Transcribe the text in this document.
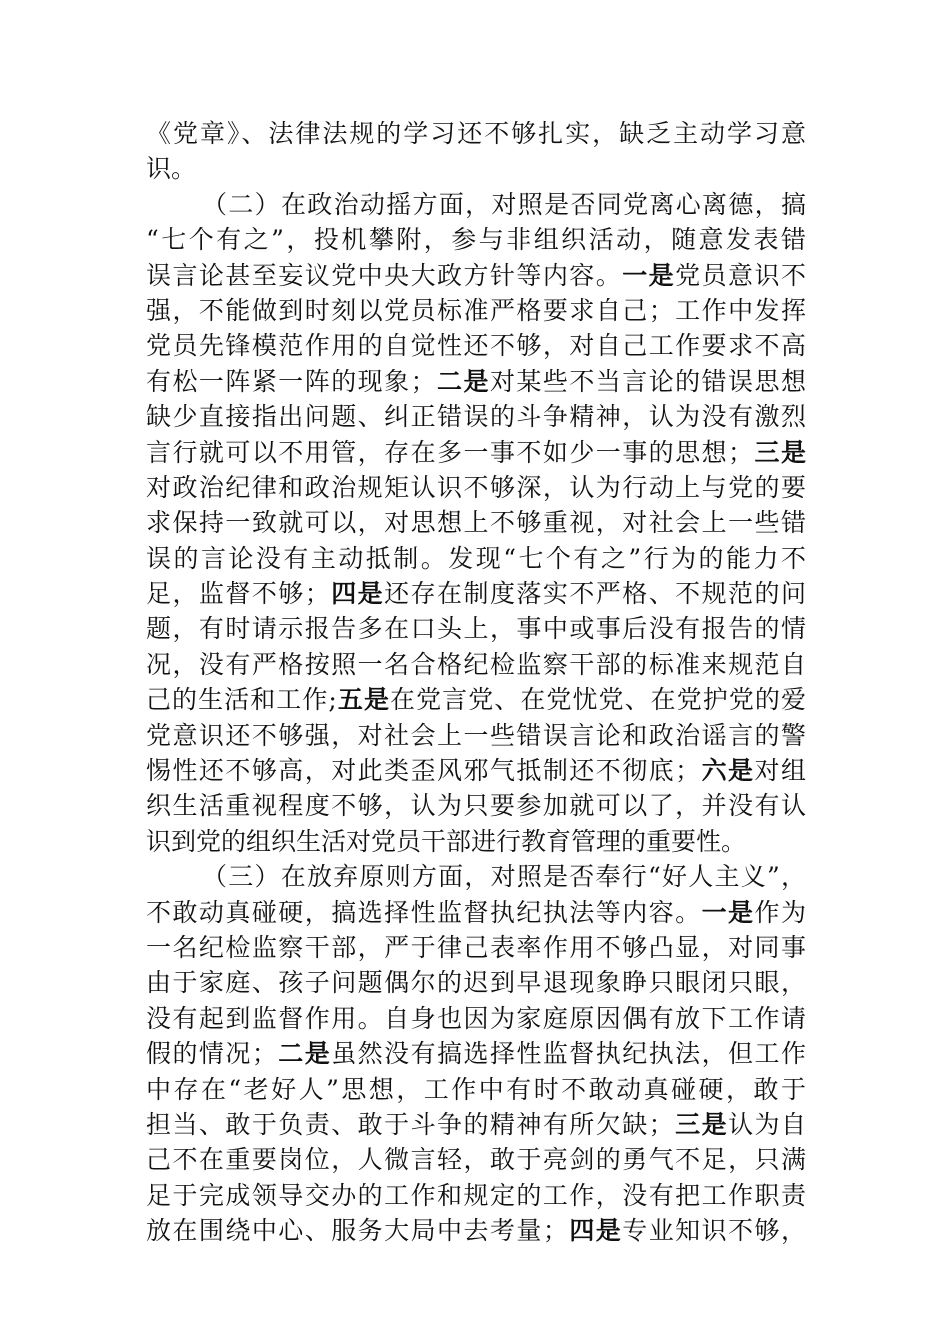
《党章》、法律法规的学习还不够扎实，缺乏主动学习意
识。
（二）在政治动摇方面，对照是否同党离心离德，搞
“七个有之”，投机攀附，参与非组织活动，随意发表错
误言论甚至妄议党中央大政方针等内容。一是党员意识不
强，不能做到时刻以党员标准严格要求自己；工作中发挥
党员先锋模范作用的自觉性还不够，对自己工作要求不高
有松一阵紧一阵的现象；二是对某些不当言论的错误思想
缺少直接指出问题、纠正错误的斗争精神，认为没有激烈
言行就可以不用管，存在多一事不如少一事的思想；三是
对政治纪律和政治规矩认识不够深，认为行动上与党的要
求保持一致就可以，对思想上不够重视，对社会上一些错
误的言论没有主动抵制。发现“七个有之”行为的能力不
足，监督不够；四是还存在制度落实不严格、不规范的问
题，有时请示报告多在口头上，事中或事后没有报告的情
况，没有严格按照一名合格纪检监察干部的标准来规范自
己的生活和工作;五是在党言党、在党忧党、在党护党的爱
党意识还不够强，对社会上一些错误言论和政治谣言的警
惕性还不够高，对此类歪风邪气抵制还不彻底；六是对组
织生活重视程度不够，认为只要参加就可以了，并没有认
识到党的组织生活对党员干部进行教育管理的重要性。
（三）在放弃原则方面，对照是否奉行“好人主义”，
不敢动真碰硬，搞选择性监督执纪执法等内容。一是作为
一名纪检监察干部，严于律己表率作用不够凸显，对同事
由于家庭、孩子问题偶尔的迟到早退现象睁只眼闭只眼，
没有起到监督作用。自身也因为家庭原因偶有放下工作请
假的情况；二是虽然没有搞选择性监督执纪执法，但工作
中存在“老好人”思想，工作中有时不敢动真碰硬，敢于
担当、敢于负责、敢于斗争的精神有所欠缺；三是认为自
己不在重要岗位，人微言轻，敢于亮剑的勇气不足，只满
足于完成领导交办的工作和规定的工作，没有把工作职责
放在围绕中心、服务大局中去考量；四是专业知识不够，
